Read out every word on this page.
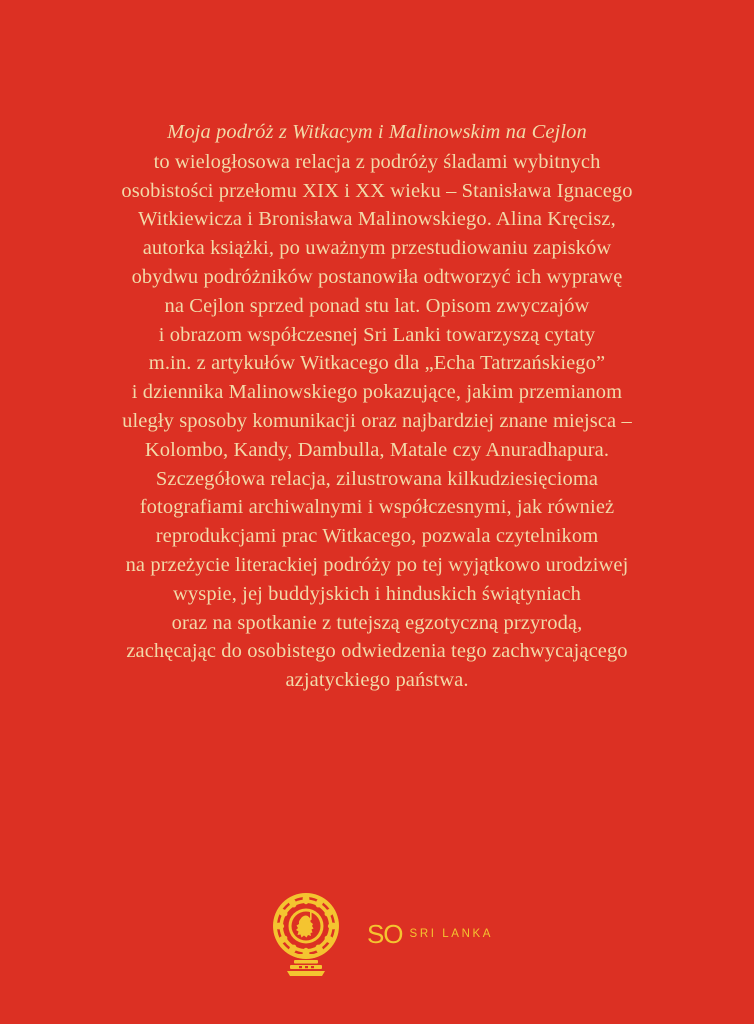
Moja podróż z Witkacym i Malinowskim na Cejlon

to wielogłosowa relacja z podróży śladami wybitnych

osobistości przełomu XIX i XX wieku – Stanisława Ignacego

Witkiewicza i Bronisława Malinowskiego. Alina Kręcisz,

autorka książki, po uważnym przestudiowaniu zapisków

obydwu podróżników postanowiła odtworzyć ich wyprawę

na Cejlon sprzed ponad stu lat. Opisom zwyczajów

i obrazom współczesnej Sri Lanki towarzyszą cytaty

m.in. z artykułów Witkacego dla „Echa Tatrzańskiego”

i dziennika Malinowskiego pokazujące, jakim przemianom

uległy sposoby komunikacji oraz najbardziej znane miejsca –

Kolombo, Kandy, Dambulla, Matale czy Anuradhapura.

Szczegółowa relacja, zilustrowana kilkudziesięcioma

fotografiami archiwalnymi i współczesnymi, jak również

reprodukcjami prac Witkacego, pozwala czytelnikom

na przeżycie literackiej podróży po tej wyjątkowo urodziwej

wyspie, jej buddyjskich i hinduskich świątyniach

oraz na spotkanie z tutejszą egzotyczną przyrodą,

zachęcając do osobistego odwiedzenia tego zachwycającego

azjatyckiego państwa.

SO SRI LANKA
